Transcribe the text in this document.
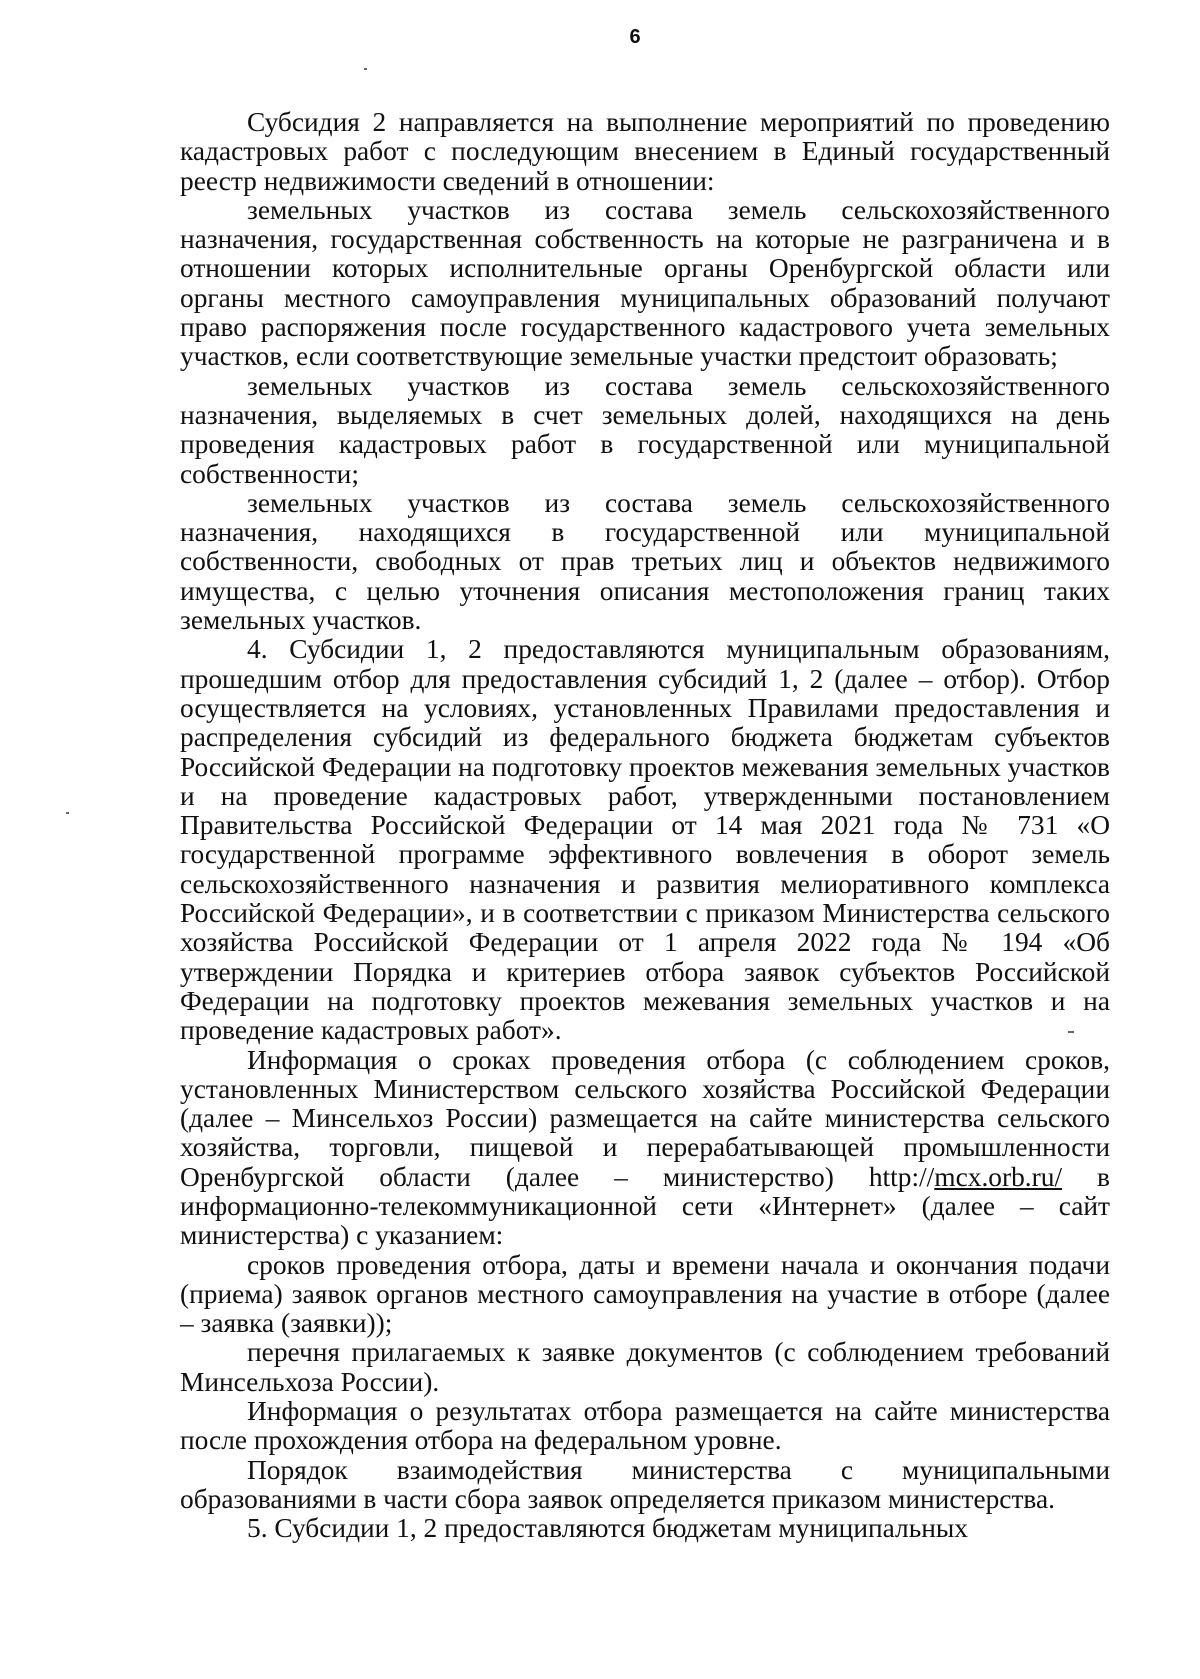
6

Субсидия 2 направляется на выполнение мероприятий по проведению кадастровых работ с последующим внесением в Единый государственный реестр недвижимости сведений в отношении:

земельных участков из состава земель сельскохозяйственного назначения, государственная собственность на которые не разграничена и в отношении которых исполнительные органы Оренбургской области или органы местного самоуправления муниципальных образований получают право распоряжения после государственного кадастрового учета земельных участков, если соответствующие земельные участки предстоит образовать;

земельных участков из состава земель сельскохозяйственного назначения, выделяемых в счет земельных долей, находящихся на день проведения кадастровых работ в государственной или муниципальной собственности;

земельных участков из состава земель сельскохозяйственного назначения, находящихся в государственной или муниципальной собственности, свободных от прав третьих лиц и объектов недвижимого имущества, с целью уточнения описания местоположения границ таких земельных участков.

4. Субсидии 1, 2 предоставляются муниципальным образованиям, прошедшим отбор для предоставления субсидий 1, 2 (далее – отбор). Отбор осуществляется на условиях, установленных Правилами предоставления и распределения субсидий из федерального бюджета бюджетам субъектов Российской Федерации на подготовку проектов межевания земельных участков и на проведение кадастровых работ, утвержденными постановлением Правительства Российской Федерации от 14 мая 2021 года № 731 «О государственной программе эффективного вовлечения в оборот земель сельскохозяйственного назначения и развития мелиоративного комплекса Российской Федерации», и в соответствии с приказом Министерства сельского хозяйства Российской Федерации от 1 апреля 2022 года № 194 «Об утверждении Порядка и критериев отбора заявок субъектов Российской Федерации на подготовку проектов межевания земельных участков и на проведение кадастровых работ».

Информация о сроках проведения отбора (с соблюдением сроков, установленных Министерством сельского хозяйства Российской Федерации (далее – Минсельхоз России) размещается на сайте министерства сельского хозяйства, торговли, пищевой и перерабатывающей промышленности Оренбургской области (далее – министерство) http://mcx.orb.ru/ в информационно-телекоммуникационной сети «Интернет» (далее – сайт министерства) с указанием:

сроков проведения отбора, даты и времени начала и окончания подачи (приема) заявок органов местного самоуправления на участие в отборе (далее – заявка (заявки));

перечня прилагаемых к заявке документов (с соблюдением требований Минсельхоза России).

Информация о результатах отбора размещается на сайте министерства после прохождения отбора на федеральном уровне.

Порядок взаимодействия министерства с муниципальными образованиями в части сбора заявок определяется приказом министерства.

5. Субсидии 1, 2 предоставляются бюджетам муниципальных
